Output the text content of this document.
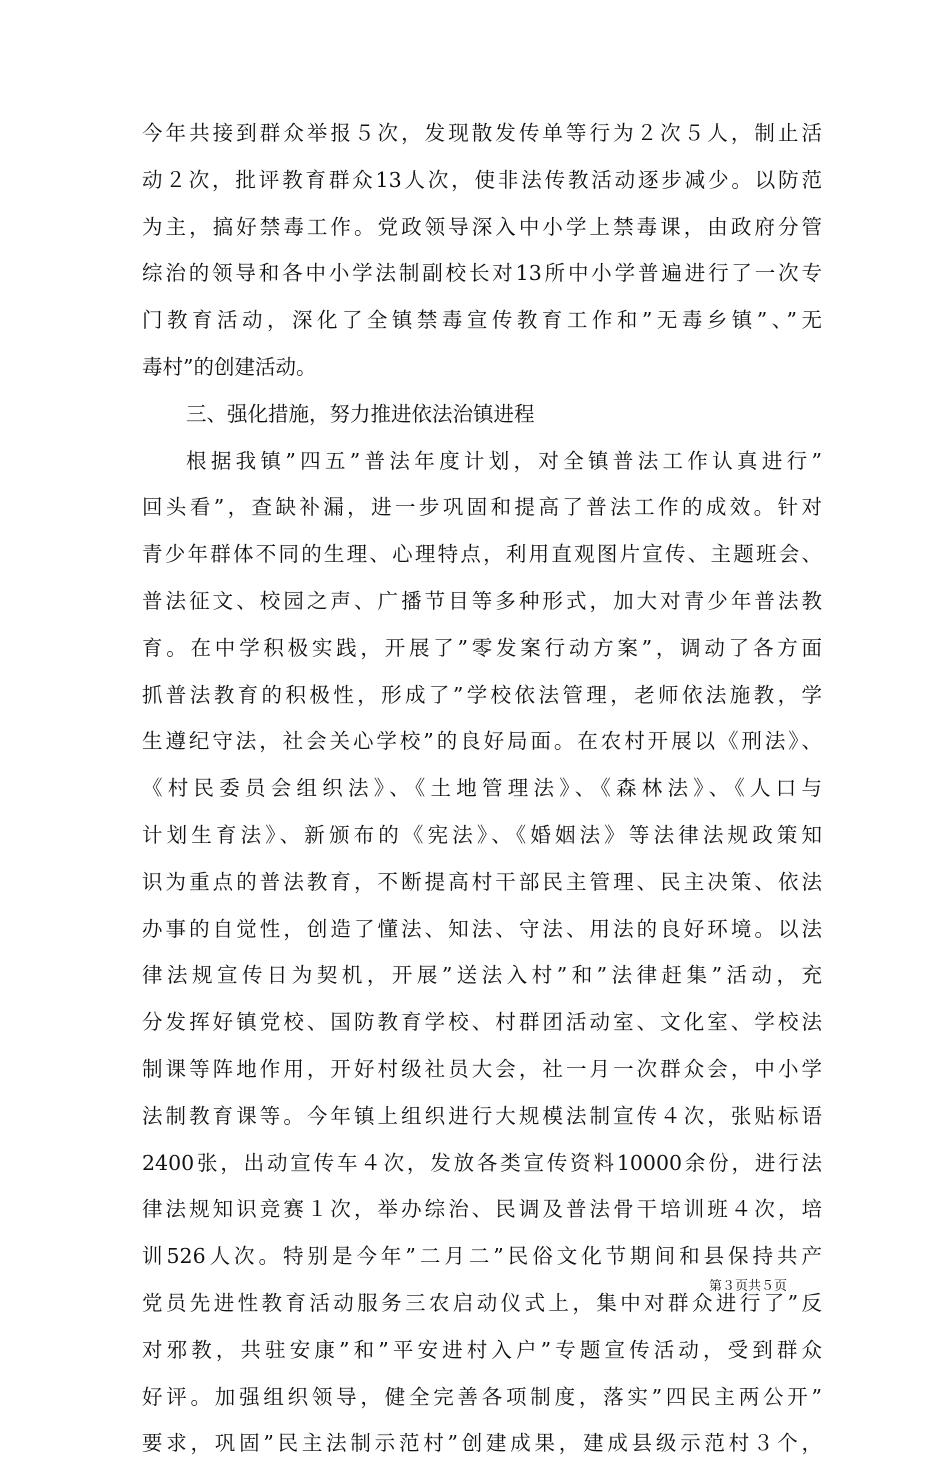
今年共接到群众举报５次，发现散发传单等行为２次５人，制止活
动２次，批评教育群众13人次，使非法传教活动逐步减少。以防范
为主，搞好禁毒工作。党政领导深入中小学上禁毒课，由政府分管
综治的领导和各中小学法制副校长对13所中小学普遍进行了一次专
门教育活动，深化了全镇禁毒宣传教育工作和”无毒乡镇”、”无
毒村”的创建活动。
三、强化措施，努力推进依法治镇进程
根据我镇”四五”普法年度计划，对全镇普法工作认真进行”
回头看”，查缺补漏，进一步巩固和提高了普法工作的成效。针对
青少年群体不同的生理、心理特点，利用直观图片宣传、主题班会、
普法征文、校园之声、广播节目等多种形式，加大对青少年普法教
育。在中学积极实践，开展了”零发案行动方案”，调动了各方面
抓普法教育的积极性，形成了”学校依法管理，老师依法施教，学
生遵纪守法，社会关心学校”的良好局面。在农村开展以《刑法》、
《村民委员会组织法》、《土地管理法》、《森林法》、《人口与
计划生育法》、新颁布的《宪法》、《婚姻法》等法律法规政策知
识为重点的普法教育，不断提高村干部民主管理、民主决策、依法
办事的自觉性，创造了懂法、知法、守法、用法的良好环境。以法
律法规宣传日为契机，开展”送法入村”和”法律赶集”活动，充
分发挥好镇党校、国防教育学校、村群团活动室、文化室、学校法
制课等阵地作用，开好村级社员大会，社一月一次群众会，中小学
法制教育课等。今年镇上组织进行大规模法制宣传４次，张贴标语
2400张，出动宣传车４次，发放各类宣传资料10000余份，进行法
律法规知识竞赛１次，举办综治、民调及普法骨干培训班４次，培
训526人次。特别是今年”二月二”民俗文化节期间和县保持共产
党员先进性教育活动服务三农启动仪式上，集中对群众进行了”反
对邪教，共驻安康”和”平安进村入户”专题宣传活动，受到群众
好评。加强组织领导，健全完善各项制度，落实”四民主两公开”
要求，巩固”民主法制示范村”创建成果，建成县级示范村３个，
第３页共５页
